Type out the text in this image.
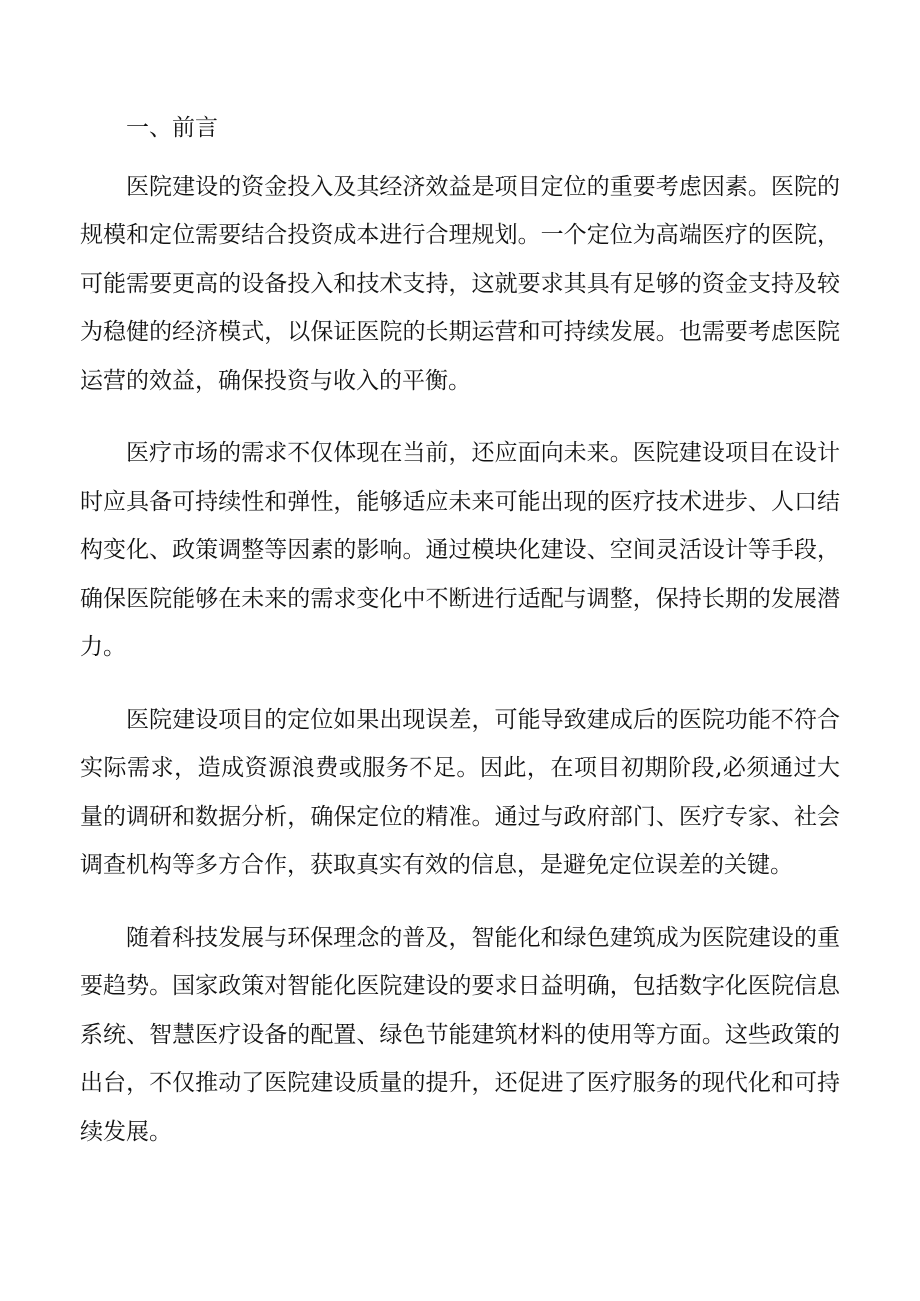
一、前言

医院建设的资金投入及其经济效益是项目定位的重要考虑因素。医院的规模和定位需要结合投资成本进行合理规划。一个定位为高端医疗的医院，可能需要更高的设备投入和技术支持，这就要求其具有足够的资金支持及较为稳健的经济模式，以保证医院的长期运营和可持续发展。也需要考虑医院运营的效益，确保投资与收入的平衡。

医疗市场的需求不仅体现在当前，还应面向未来。医院建设项目在设计时应具备可持续性和弹性，能够适应未来可能出现的医疗技术进步、人口结构变化、政策调整等因素的影响。通过模块化建设、空间灵活设计等手段，确保医院能够在未来的需求变化中不断进行适配与调整，保持长期的发展潜力。

医院建设项目的定位如果出现误差，可能导致建成后的医院功能不符合实际需求，造成资源浪费或服务不足。因此，在项目初期阶段,必须通过大量的调研和数据分析，确保定位的精准。通过与政府部门、医疗专家、社会调查机构等多方合作，获取真实有效的信息，是避免定位误差的关键。

随着科技发展与环保理念的普及，智能化和绿色建筑成为医院建设的重要趋势。国家政策对智能化医院建设的要求日益明确，包括数字化医院信息系统、智慧医疗设备的配置、绿色节能建筑材料的使用等方面。这些政策的出台，不仅推动了医院建设质量的提升，还促进了医疗服务的现代化和可持续发展。
